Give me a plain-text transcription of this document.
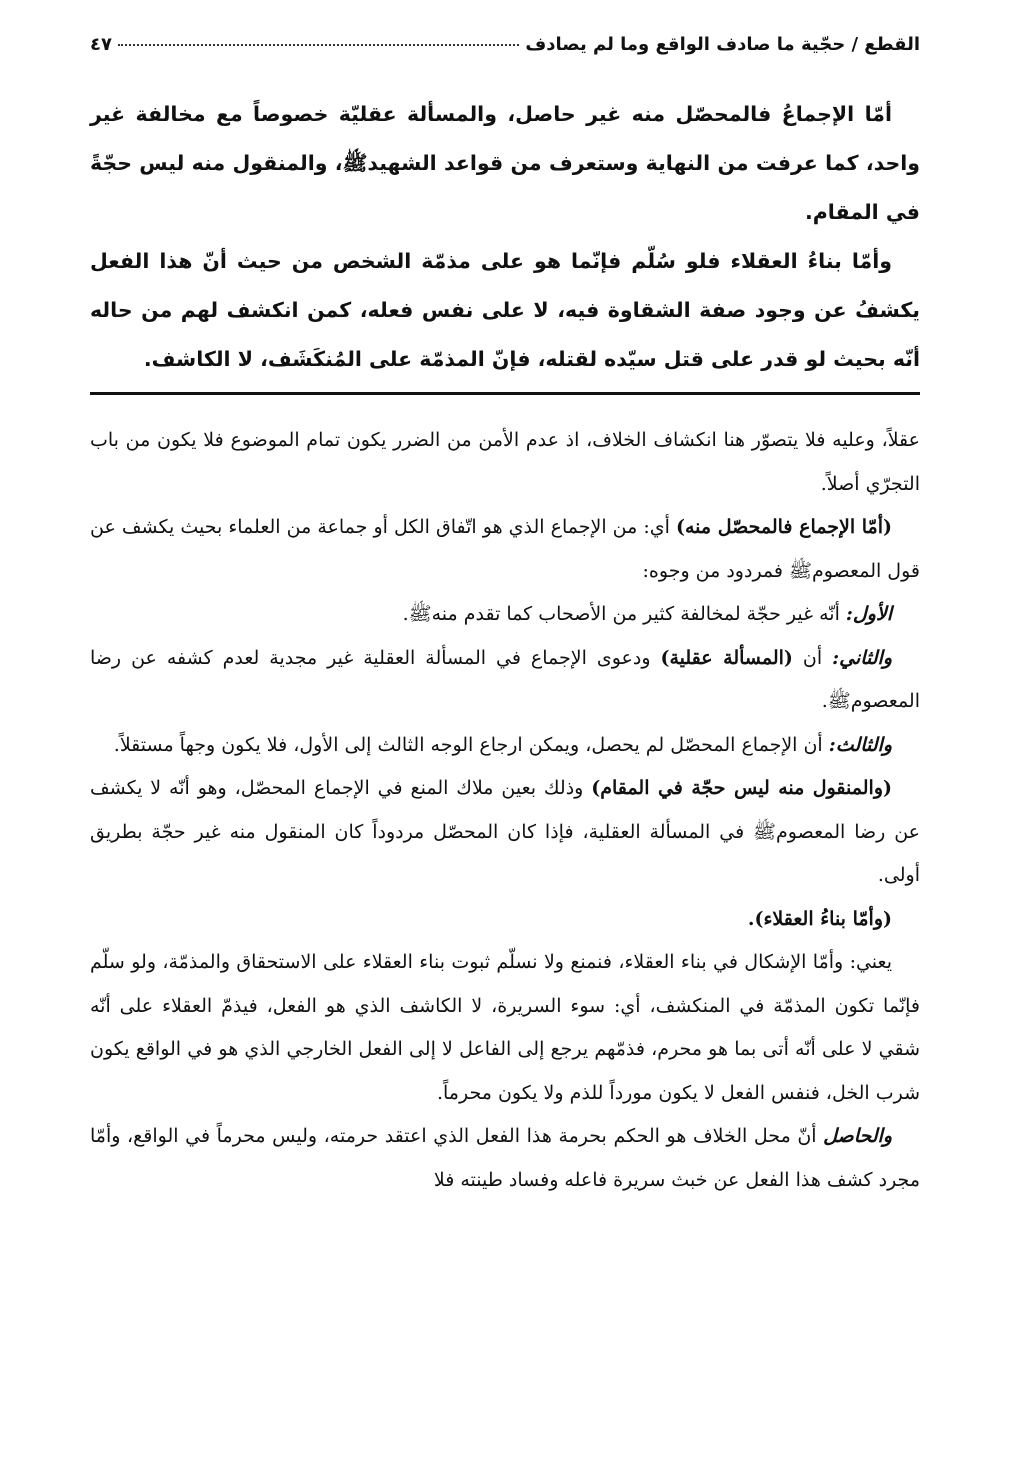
القطع / حجّية ما صادف الواقع وما لم يصادف
٤٧

أمّا الإجماعُ فالمحصّل منه غير حاصل، والمسألة عقليّة خصوصاً مع مخالفة غير واحد، كما عرفت من النهاية وستعرف من قواعد الشهيدﷺ، والمنقول منه ليس حجّةً في المقام.

وأمّا بناءُ العقلاء فلو سُلّم فإنّما هو على مذمّة الشخص من حيث أنّ هذا الفعل يكشفُ عن وجود صفة الشقاوة فيه، لا على نفس فعله، كمن انكشف لهم من حاله أنّه بحيث لو قدر على قتل سيّده لقتله، فإنّ المذمّة على المُنكَشَف، لا الكاشف.

عقلاً، وعليه فلا يتصوّر هنا انكشاف الخلاف، اذ عدم الأمن من الضرر يكون تمام الموضوع فلا يكون من باب التجرّي أصلاً.

(أمّا الإجماع فالمحصّل منه) أي: من الإجماع الذي هو اتّفاق الكل أو جماعة من العلماء بحيث يكشف عن قول المعصومﷺ فمردود من وجوه:

الأول: أنّه غير حجّة لمخالفة كثير من الأصحاب كما تقدم منهﷺ.

والثاني: أن (المسألة عقلية) ودعوى الإجماع في المسألة العقلية غير مجدية لعدم كشفه عن رضا المعصومﷺ.

والثالث: أن الإجماع المحصّل لم يحصل، ويمكن ارجاع الوجه الثالث إلى الأول، فلا يكون وجهاً مستقلاً.

(والمنقول منه ليس حجّة في المقام) وذلك بعين ملاك المنع في الإجماع المحصّل، وهو أنّه لا يكشف عن رضا المعصومﷺ في المسألة العقلية، فإذا كان المحصّل مردوداً كان المنقول منه غير حجّة بطريق أولى.

(وأمّا بناءُ العقلاء).

يعني: وأمّا الإشكال في بناء العقلاء، فنمنع ولا نسلّم ثبوت بناء العقلاء على الاستحقاق والمذمّة، ولو سلّم فإنّما تكون المذمّة في المنكشف، أي: سوء السريرة، لا الكاشف الذي هو الفعل، فيذمّ العقلاء على أنّه شقي لا على أنّه أتى بما هو محرم، فذمّهم يرجع إلى الفاعل لا إلى الفعل الخارجي الذي هو في الواقع يكون شرب الخل، فنفس الفعل لا يكون مورداً للذم ولا يكون محرماً.

والحاصل أنّ محل الخلاف هو الحكم بحرمة هذا الفعل الذي اعتقد حرمته، وليس محرماً في الواقع، وأمّا مجرد كشف هذا الفعل عن خبث سريرة فاعله وفساد طينته فلا
